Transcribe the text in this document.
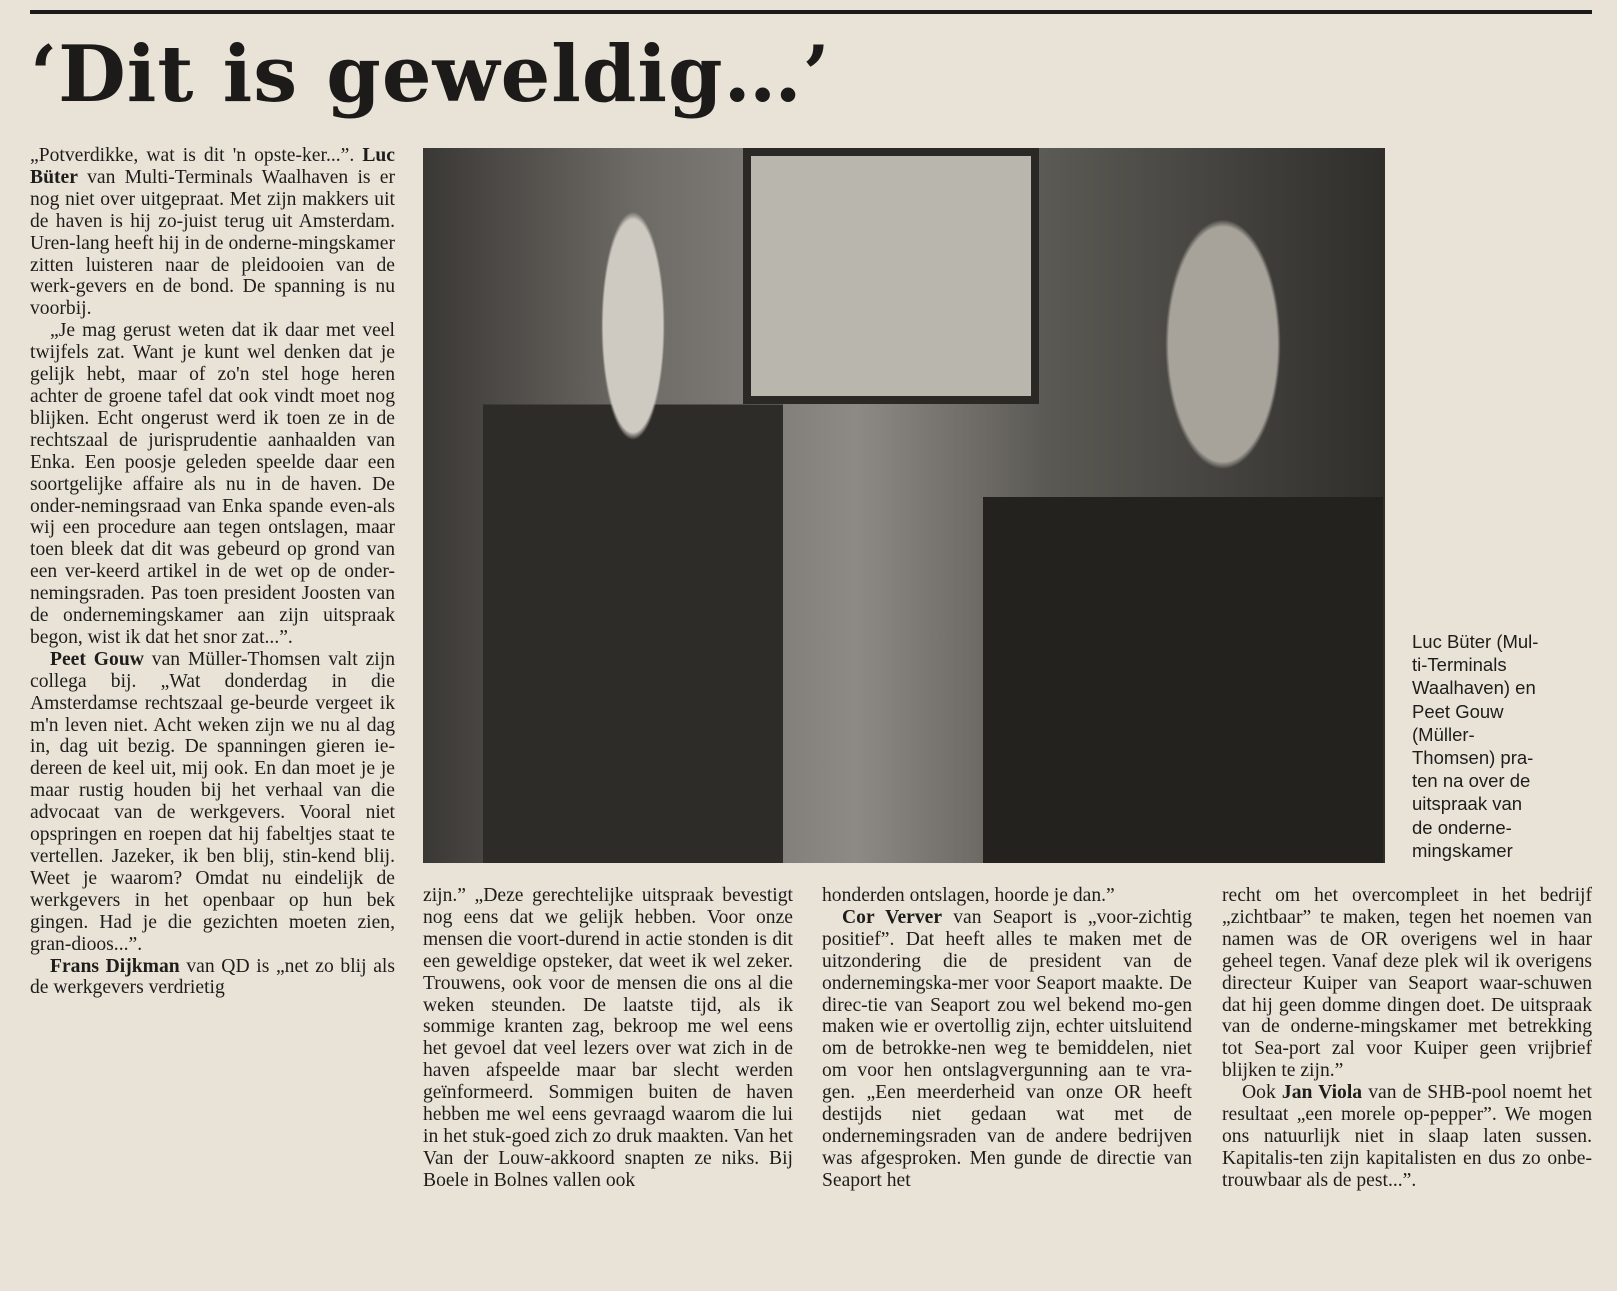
‘Dit is geweldig…’

„Potverdikke, wat is dit 'n opste-ker...”. Luc Büter van Multi-Terminals Waalhaven is er nog niet over uitgepraat. Met zijn makkers uit de haven is hij zo-juist terug uit Amsterdam. Uren-lang heeft hij in de onderne-mingskamer zitten luisteren naar de pleidooien van de werk-gevers en de bond. De spanning is nu voorbij.

„Je mag gerust weten dat ik daar met veel twijfels zat. Want je kunt wel denken dat je gelijk hebt, maar of zo'n stel hoge heren achter de groene tafel dat ook vindt moet nog blijken. Echt ongerust werd ik toen ze in de rechtszaal de jurisprudentie aanhaalden van Enka. Een poosje geleden speelde daar een soortgelijke affaire als nu in de haven. De onder-nemingsraad van Enka spande even-als wij een procedure aan tegen ontslagen, maar toen bleek dat dit was gebeurd op grond van een ver-keerd artikel in de wet op de onder-nemingsraden. Pas toen president Joosten van de ondernemingskamer aan zijn uitspraak begon, wist ik dat het snor zat...”.

Peet Gouw van Müller-Thomsen valt zijn collega bij. „Wat donderdag in die Amsterdamse rechtszaal ge-beurde vergeet ik m'n leven niet. Acht weken zijn we nu al dag in, dag uit bezig. De spanningen gieren ie-dereen de keel uit, mij ook. En dan moet je je maar rustig houden bij het verhaal van die advocaat van de werkgevers. Vooral niet opspringen en roepen dat hij fabeltjes staat te vertellen. Jazeker, ik ben blij, stin-kend blij. Weet je waarom? Omdat nu eindelijk de werkgevers in het openbaar op hun bek gingen. Had je die gezichten moeten zien, gran-dioos...”.

Frans Dijkman van QD is „net zo blij als de werkgevers verdrietig

Luc Büter (Mul-
ti-Terminals
Waalhaven) en
Peet Gouw
(Müller-
Thomsen) pra-
ten na over de
uitspraak van
de onderne-
mingskamer

zijn.” „Deze gerechtelijke uitspraak bevestigt nog eens dat we gelijk hebben. Voor onze mensen die voort-durend in actie stonden is dit een geweldige opsteker, dat weet ik wel zeker. Trouwens, ook voor de mensen die ons al die weken steunden. De laatste tijd, als ik sommige kranten zag, bekroop me wel eens het gevoel dat veel lezers over wat zich in de haven afspeelde maar bar slecht werden geïnformeerd. Sommigen buiten de haven hebben me wel eens gevraagd waarom die lui in het stuk-goed zich zo druk maakten. Van het Van der Louw-akkoord snapten ze niks. Bij Boele in Bolnes vallen ook

honderden ontslagen, hoorde je dan.”

Cor Verver van Seaport is „voor-zichtig positief”. Dat heeft alles te maken met de uitzondering die de president van de ondernemingska-mer voor Seaport maakte. De direc-tie van Seaport zou wel bekend mo-gen maken wie er overtollig zijn, echter uitsluitend om de betrokke-nen weg te bemiddelen, niet om voor hen ontslagvergunning aan te vra-gen. „Een meerderheid van onze OR heeft destijds niet gedaan wat met de ondernemingsraden van de andere bedrijven was afgesproken. Men gunde de directie van Seaport het

recht om het overcompleet in het bedrijf „zichtbaar” te maken, tegen het noemen van namen was de OR overigens wel in haar geheel tegen. Vanaf deze plek wil ik overigens directeur Kuiper van Seaport waar-schuwen dat hij geen domme dingen doet. De uitspraak van de onderne-mingskamer met betrekking tot Sea-port zal voor Kuiper geen vrijbrief blijken te zijn.”

Ook Jan Viola van de SHB-pool noemt het resultaat „een morele op-pepper”. We mogen ons natuurlijk niet in slaap laten sussen. Kapitalis-ten zijn kapitalisten en dus zo onbe-trouwbaar als de pest...”.
